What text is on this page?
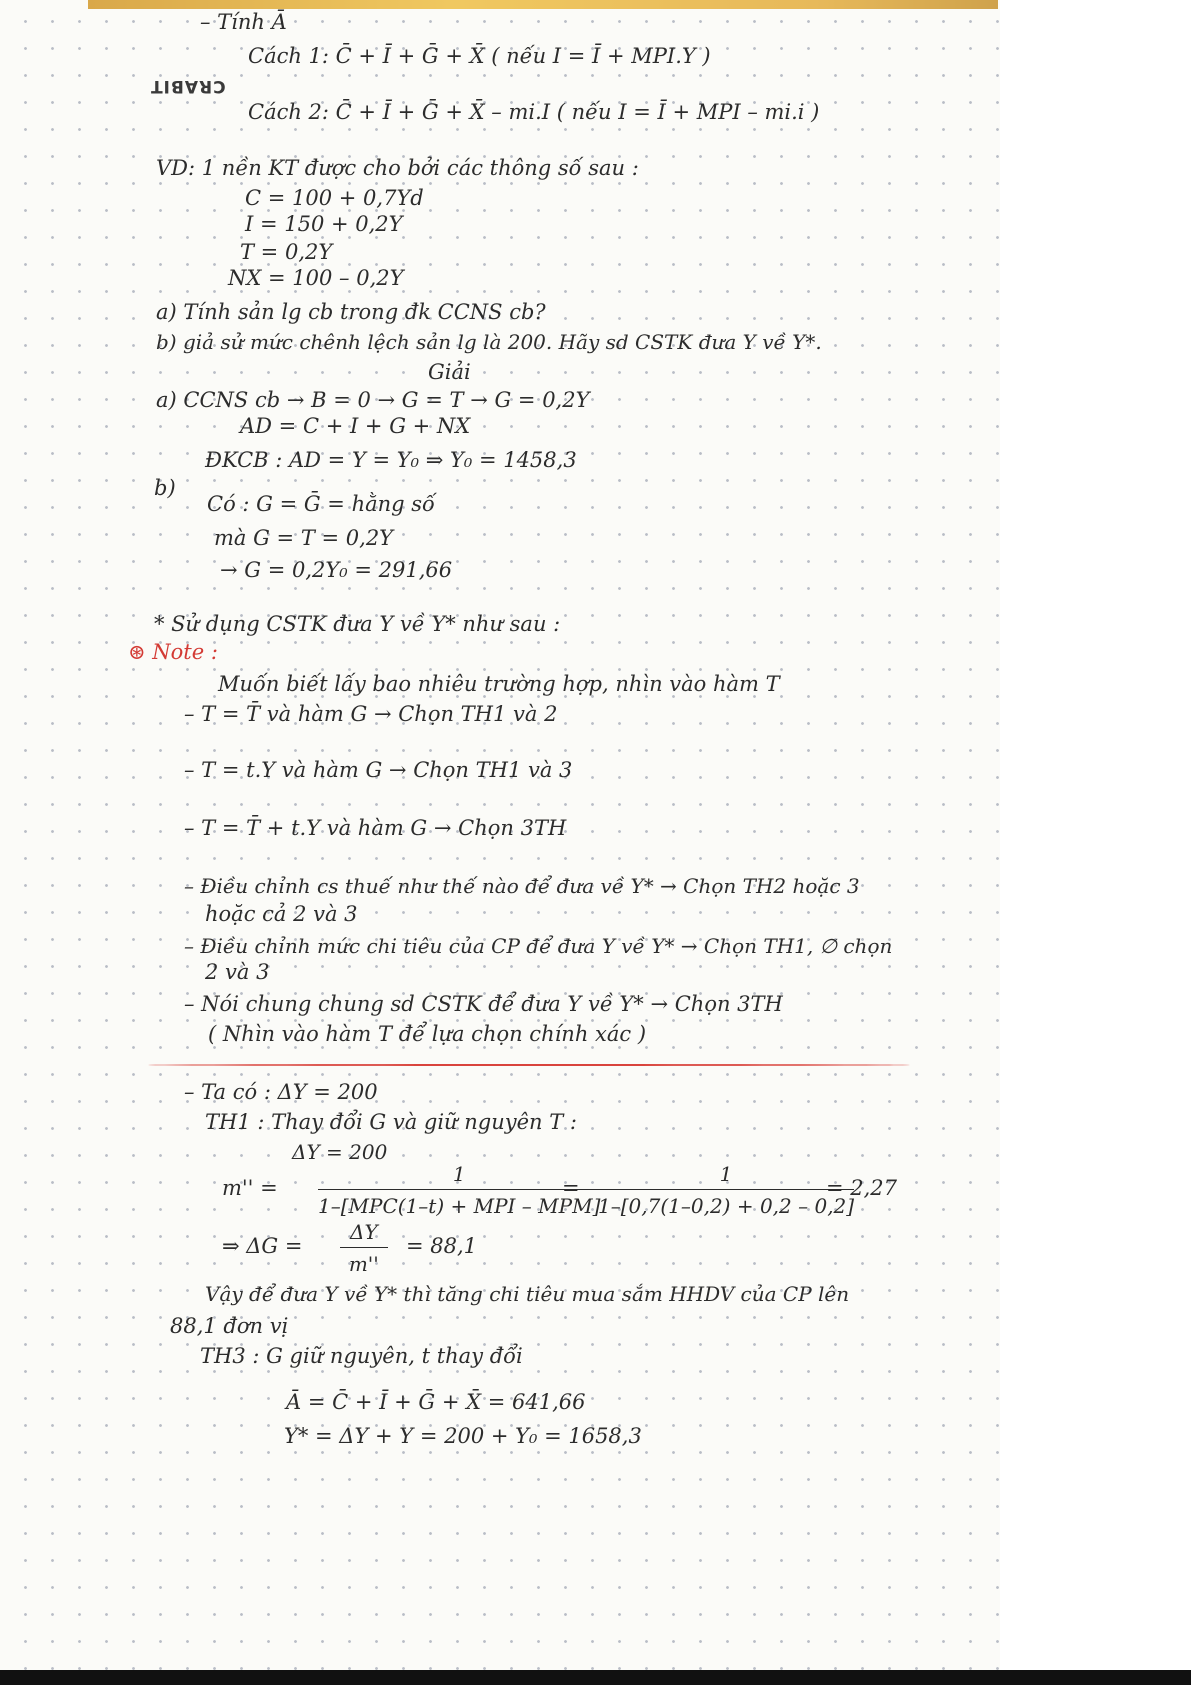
CRABIT
– Tính Ā
Cách 1: C̄ + Ī + Ḡ + X̄ ( nếu I = Ī + MPI.Y )
Cách 2: C̄ + Ī + Ḡ + X̄ – mi.I ( nếu I = Ī + MPI – mi.i )
VD: 1 nền KT được cho bởi các thông số sau :
C = 100 + 0,7Yd
I = 150 + 0,2Y
T = 0,2Y
NX = 100 – 0,2Y
a) Tính sản lg cb trong đk CCNS cb?
b) giả sử mức chênh lệch sản lg là 200. Hãy sd CSTK đưa Y về Y*.
Giải
a) CCNS cb → B = 0 → G = T → G = 0,2Y
AD = C + I + G + NX
ĐKCB : AD = Y = Y₀ ⇒ Y₀ = 1458,3
b)
Có : G = Ḡ = hằng số
mà G = T = 0,2Y
→ G = 0,2Y₀ = 291,66
* Sử dụng CSTK đưa Y về Y* như sau :
⊛ Note :
Muốn biết lấy bao nhiêu trường hợp, nhìn vào hàm T
– T = T̄ và hàm G → Chọn TH1 và 2
– T = t.Y và hàm G → Chọn TH1 và 3
– T = T̄ + t.Y và hàm G → Chọn 3TH
– Điều chỉnh cs thuế như thế nào để đưa về Y* → Chọn TH2 hoặc 3
hoặc cả 2 và 3
– Điều chỉnh mức chi tiêu của CP để đưa Y về Y* → Chọn TH1, ∅ chọn
2 và 3
– Nói chung chung sd CSTK để đưa Y về Y* → Chọn 3TH
( Nhìn vào hàm T để lựa chọn chính xác )
– Ta có : ΔY = 200
TH1 : Thay đổi G và giữ nguyên T :
ΔY = 200
m'' =
1
1–[MPC(1–t) + MPI – MPM]
=
1
1–[0,7(1–0,2) + 0,2 – 0,2]
= 2,27
⇒ ΔG =
ΔY
m''
= 88,1
Vậy để đưa Y về Y* thì tăng chi tiêu mua sắm HHDV của CP lên
88,1 đơn vị
TH3 : G giữ nguyên, t thay đổi
Ā = C̄ + Ī + Ḡ + X̄ = 641,66
Y* = ΔY + Y = 200 + Y₀ = 1658,3
